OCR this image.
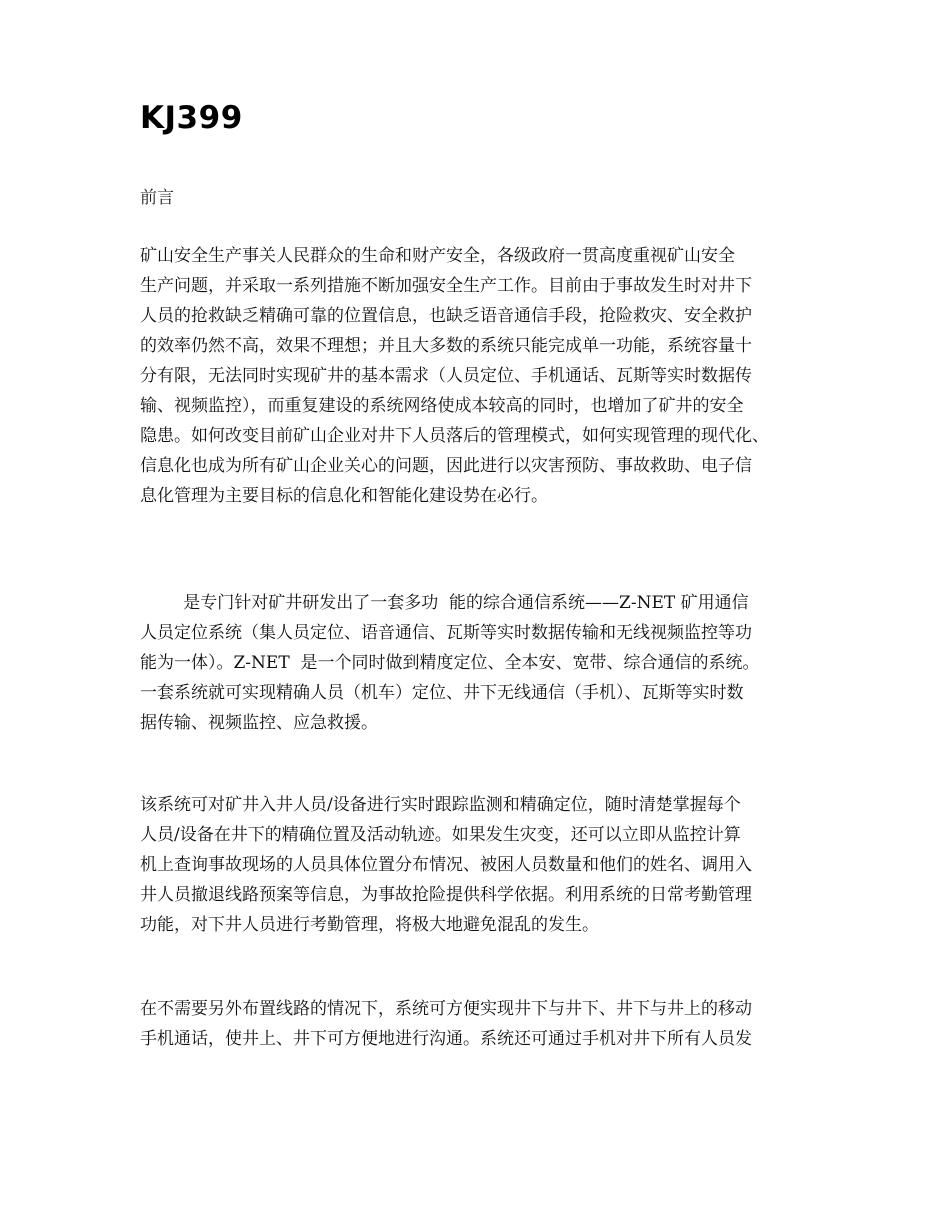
KJ399
前言

矿山安全生产事关人民群众的生命和财产安全，各级政府一贯高度重视矿山安全
生产问题，并采取一系列措施不断加强安全生产工作。目前由于事故发生时对井下
人员的抢救缺乏精确可靠的位置信息，也缺乏语音通信手段，抢险救灾、安全救护
的效率仍然不高，效果不理想；并且大多数的系统只能完成单一功能，系统容量十
分有限，无法同时实现矿井的基本需求（人员定位、手机通话、瓦斯等实时数据传
输、视频监控），而重复建设的系统网络使成本较高的同时，也增加了矿井的安全
隐患。如何改变目前矿山企业对井下人员落后的管理模式，如何实现管理的现代化、
信息化也成为所有矿山企业关心的问题，因此进行以灾害预防、事故救助、电子信
息化管理为主要目标的信息化和智能化建设势在必行。

是专门针对矿井研发出了一套多功  能的综合通信系统——Z-NET 矿用通信
人员定位系统（集人员定位、语音通信、瓦斯等实时数据传输和无线视频监控等功
能为一体）。Z-NET  是一个同时做到精度定位、全本安、宽带、综合通信的系统。
一套系统就可实现精确人员（机车）定位、井下无线通信（手机）、瓦斯等实时数
据传输、视频监控、应急救援。

该系统可对矿井入井人员/设备进行实时跟踪监测和精确定位，随时清楚掌握每个
人员/设备在井下的精确位置及活动轨迹。如果发生灾变，还可以立即从监控计算
机上查询事故现场的人员具体位置分布情况、被困人员数量和他们的姓名、调用入
井人员撤退线路预案等信息，为事故抢险提供科学依据。利用系统的日常考勤管理
功能，对下井人员进行考勤管理，将极大地避免混乱的发生。

在不需要另外布置线路的情况下，系统可方便实现井下与井下、井下与井上的移动
手机通话，使井上、井下可方便地进行沟通。系统还可通过手机对井下所有人员发
